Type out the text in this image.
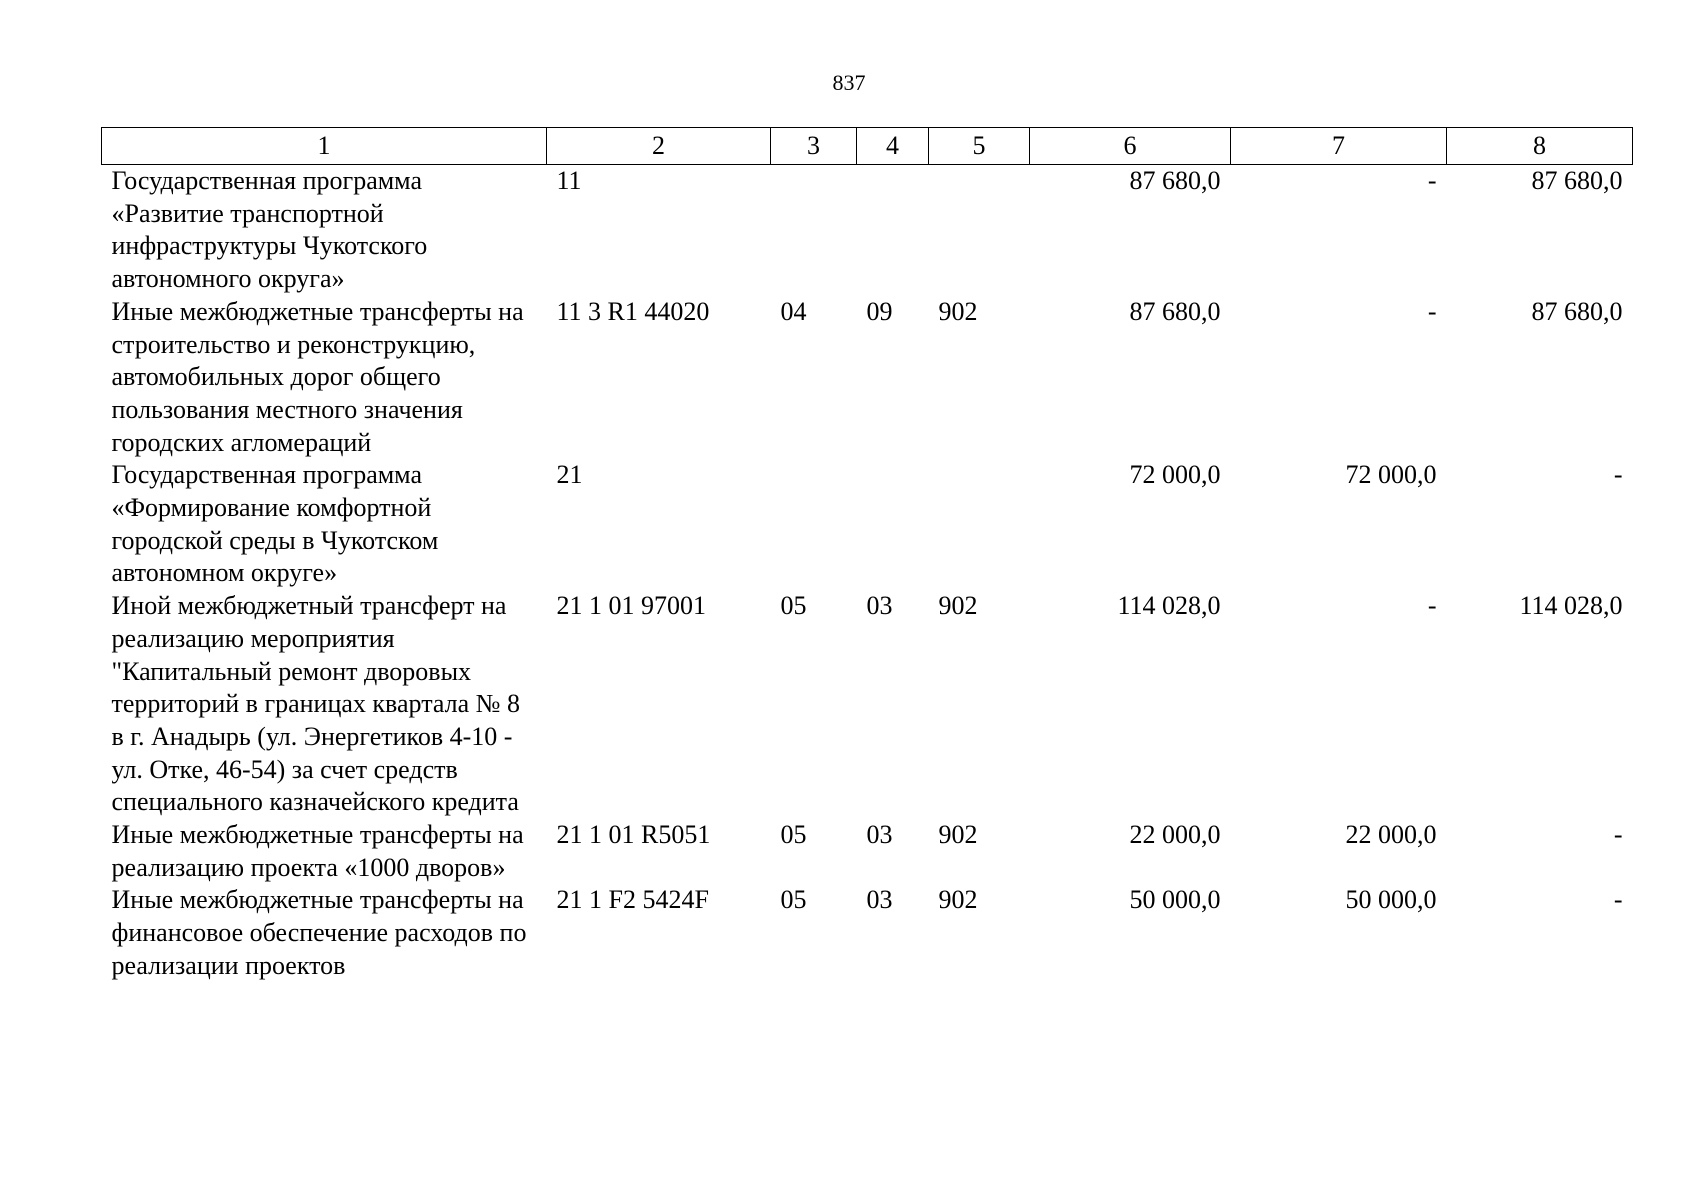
837
1	2	3	4	5	6	7	8
Государственная программа «Развитие транспортной инфраструктуры Чукотского автономного округа»	11				87 680,0	-	87 680,0
Иные межбюджетные трансферты на строительство и реконструкцию, автомобильных дорог общего пользования местного значения городских агломераций	11 3 R1 44020	04	09	902	87 680,0	-	87 680,0
Государственная программа «Формирование комфортной городской среды в Чукотском автономном округе»	21				72 000,0	72 000,0	-
Иной межбюджетный трансферт на реализацию мероприятия "Капитальный ремонт дворовых территорий в границах квартала № 8 в г. Анадырь (ул. Энергетиков 4-10 - ул. Отке, 46-54) за счет средств специального казначейского кредита	21 1 01 97001	05	03	902	114 028,0	-	114 028,0
Иные межбюджетные трансферты на реализацию проекта «1000 дворов»	21 1 01 R5051	05	03	902	22 000,0	22 000,0	-
Иные межбюджетные трансферты на финансовое обеспечение расходов по реализации проектов	21 1 F2 5424F	05	03	902	50 000,0	50 000,0	-
